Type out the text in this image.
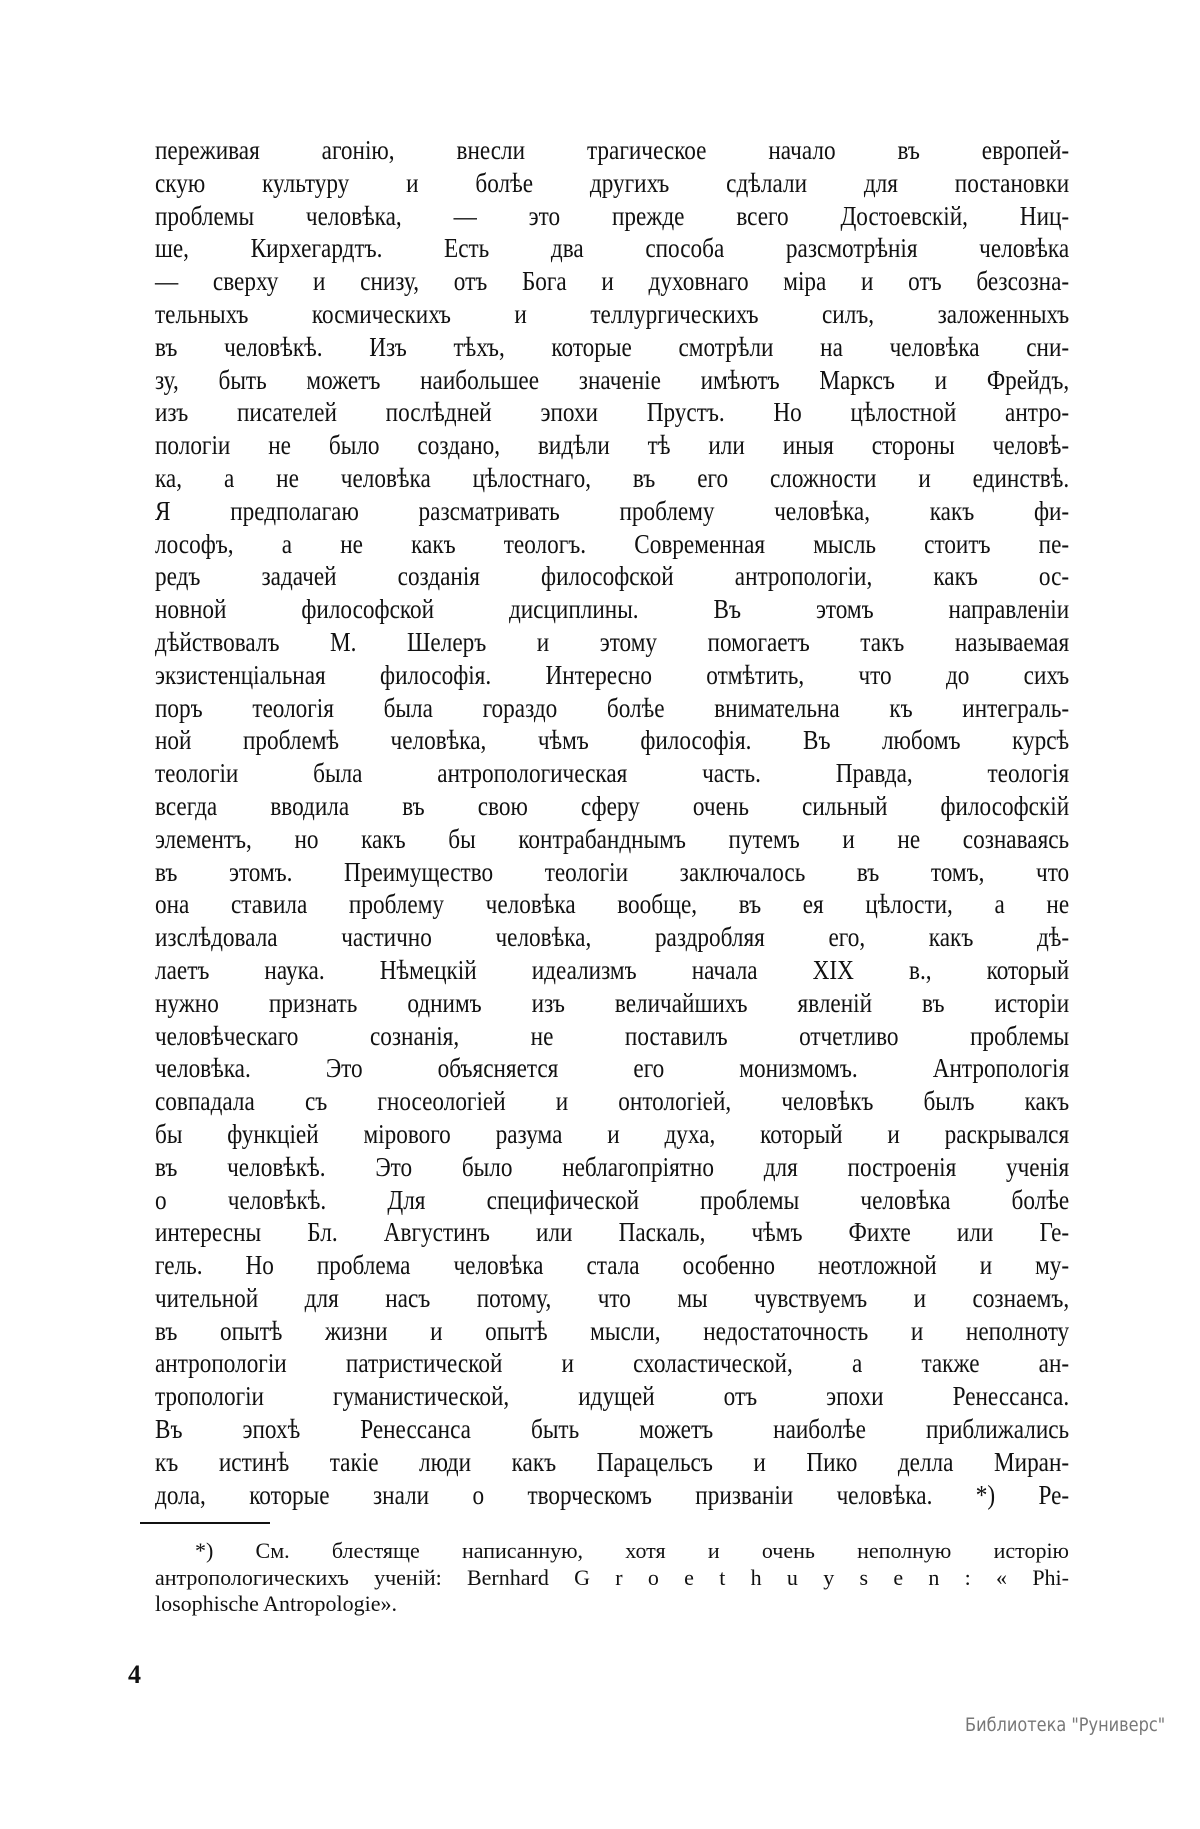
переживая агонію, внесли трагическое начало въ европей-
скую культуру и болѣе другихъ сдѣлали для постановки
проблемы человѣка, — это прежде всего Достоевскій, Ниц-
ше, Кирхегардтъ. Есть два способа разсмотрѣнія человѣка
— сверху и снизу, отъ Бога и духовнаго міра и отъ безсозна-
тельныхъ космическихъ и теллургическихъ силъ, заложенныхъ
въ человѣкѣ. Изъ тѣхъ, которые смотрѣли на человѣка сни-
зу, быть можетъ наибольшее значеніе имѣютъ Марксъ и Фрейдъ,
изъ писателей послѣдней эпохи Прустъ. Но цѣлостной антро-
пологіи не было создано, видѣли тѣ или иныя стороны человѣ-
ка, а не человѣка цѣлостнаго, въ его сложности и единствѣ.
Я предполагаю разсматривать проблему человѣка, какъ фи-
лософъ, а не какъ теологъ. Современная мысль стоитъ пе-
редъ задачей созданія философской антропологіи, какъ ос-
новной философской дисциплины. Въ этомъ направленіи
дѣйствовалъ М. Шелеръ и этому помогаетъ такъ называемая
экзистенціальная философія. Интересно отмѣтить, что до сихъ
поръ теологія была гораздо болѣе внимательна къ интеграль-
ной проблемѣ человѣка, чѣмъ философія. Въ любомъ курсѣ
теологіи была антропологическая часть. Правда, теологія
всегда вводила въ свою сферу очень сильный философскій
элементъ, но какъ бы контрабанднымъ путемъ и не сознаваясь
въ этомъ. Преимущество теологіи заключалось въ томъ, что
она ставила проблему человѣка вообще, въ ея цѣлости, а не
изслѣдовала частично человѣка, раздробляя его, какъ дѣ-
лаетъ наука. Нѣмецкій идеализмъ начала XIX в., который
нужно признать однимъ изъ величайшихъ явленій въ исторіи
человѣческаго сознанія, не поставилъ отчетливо проблемы
человѣка. Это объясняется его монизмомъ. Антропологія
совпадала съ гносеологіей и онтологіей, человѣкъ былъ какъ
бы функціей мірового разума и духа, который и раскрывался
въ человѣкѣ. Это было неблагопріятно для построенія ученія
о человѣкѣ. Для специфической проблемы человѣка болѣе
интересны Бл. Августинъ или Паскаль, чѣмъ Фихте или Ге-
гель. Но проблема человѣка стала особенно неотложной и му-
чительной для насъ потому, что мы чувствуемъ и сознаемъ,
въ опытѣ жизни и опытѣ мысли, недостаточность и неполноту
антропологіи патристической и схоластической, а также ан-
тропологіи гуманистической, идущей отъ эпохи Ренессанса.
Въ эпохѣ Ренессанса быть можетъ наиболѣе приближались
къ истинѣ такіе люди какъ Парацельсъ и Пико делла Миран-
дола, которые знали о творческомъ призваніи человѣка. *) Ре-
*) См. блестяще написанную, хотя и очень неполную исторію
антропологическихъ ученій: Bernhard G r o e t h u y s e n : « Phi-
losophische Antropologie».
4
Библиотека "Руниверс"
